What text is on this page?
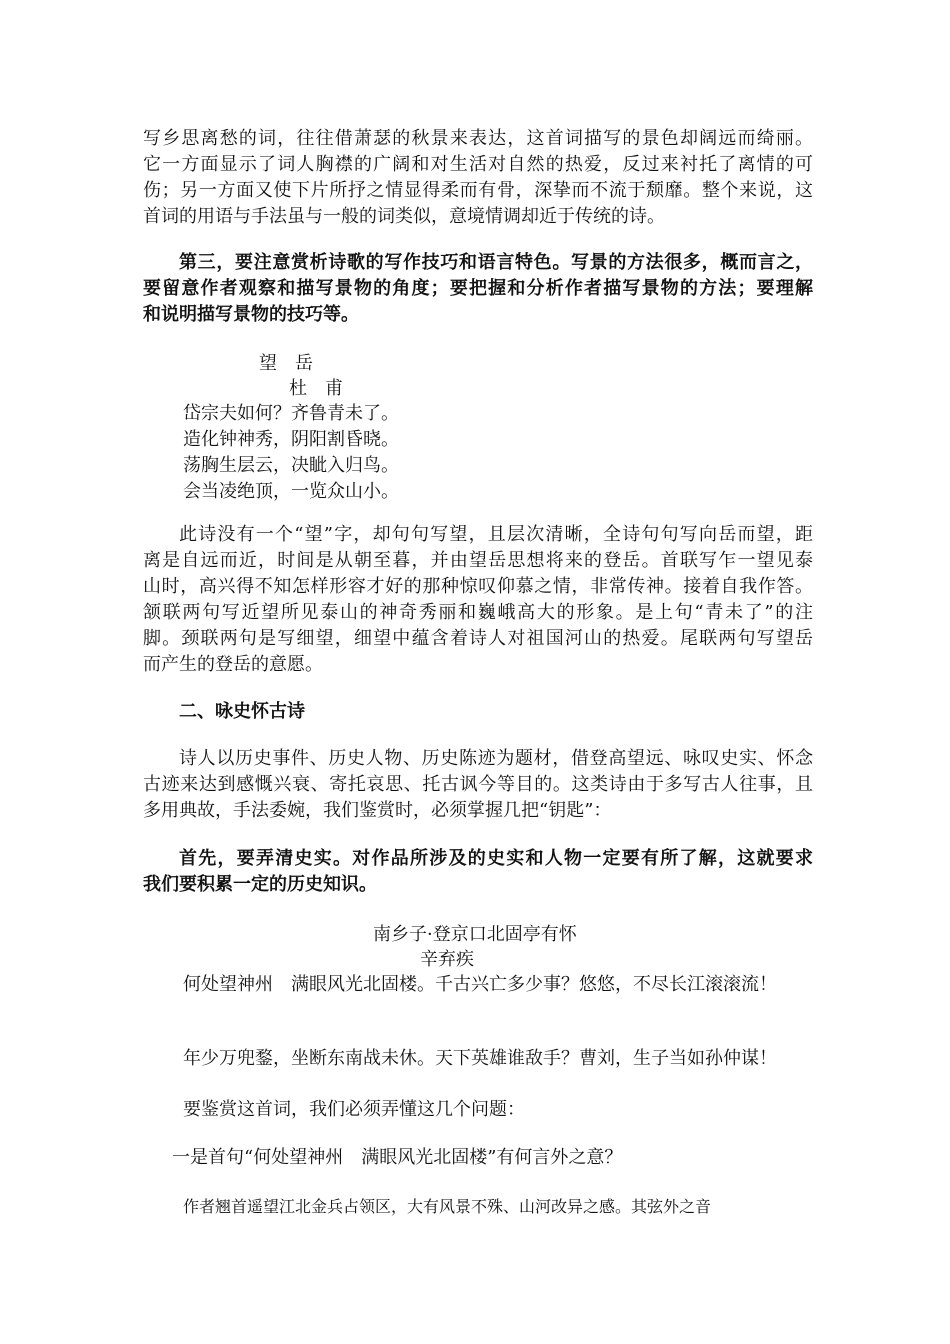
写乡思离愁的词，往往借萧瑟的秋景来表达，这首词描写的景色却阔远而绮丽。
它一方面显示了词人胸襟的广阔和对生活对自然的热爱，反过来衬托了离情的可
伤；另一方面又使下片所抒之情显得柔而有骨，深挚而不流于颓靡。整个来说，这
首词的用语与手法虽与一般的词类似，意境情调却近于传统的诗。
第三，要注意赏析诗歌的写作技巧和语言特色。写景的方法很多，概而言之，
要留意作者观察和描写景物的角度；要把握和分析作者描写景物的方法；要理解
和说明描写景物的技巧等。
望　岳
杜　甫
岱宗夫如何？齐鲁青未了。
造化钟神秀，阴阳割昏晓。
荡胸生层云，决眦入归鸟。
会当凌绝顶，一览众山小。
此诗没有一个“望”字，却句句写望，且层次清晰，全诗句句写向岳而望，距
离是自远而近，时间是从朝至暮，并由望岳思想将来的登岳。首联写乍一望见泰
山时，高兴得不知怎样形容才好的那种惊叹仰慕之情，非常传神。接着自我作答。
颔联两句写近望所见泰山的神奇秀丽和巍峨高大的形象。是上句“青未了”的注
脚。颈联两句是写细望，细望中蕴含着诗人对祖国河山的热爱。尾联两句写望岳
而产生的登岳的意愿。
二、咏史怀古诗
诗人以历史事件、历史人物、历史陈迹为题材，借登高望远、咏叹史实、怀念
古迹来达到感慨兴衰、寄托哀思、托古讽今等目的。这类诗由于多写古人往事，且
多用典故，手法委婉，我们鉴赏时，必须掌握几把“钥匙”：
首先，要弄清史实。对作品所涉及的史实和人物一定要有所了解，这就要求
我们要积累一定的历史知识。
南乡子·登京口北固亭有怀
辛弃疾
何处望神州　满眼风光北固楼。千古兴亡多少事？悠悠，不尽长江滚滚流！
年少万兜鍪，坐断东南战未休。天下英雄谁敌手？曹刘，生子当如孙仲谋！
要鉴赏这首词，我们必须弄懂这几个问题：
一是首句“何处望神州　满眼风光北固楼”有何言外之意？
作者翘首遥望江北金兵占领区，大有风景不殊、山河改异之感。其弦外之音
